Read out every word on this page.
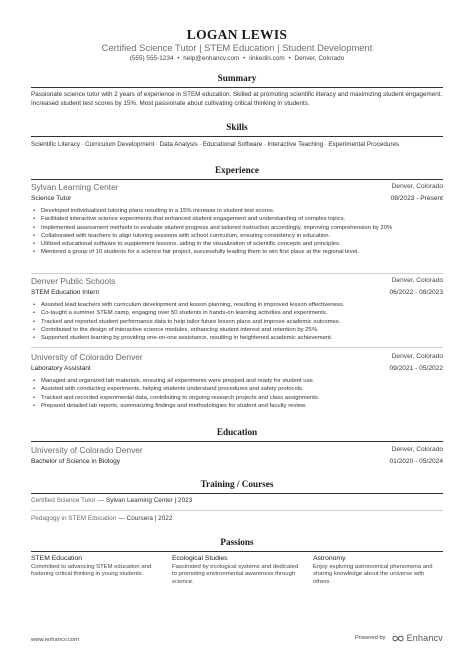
LOGAN LEWIS
Certified Science Tutor | STEM Education | Student Development
(555) 555-1234 • help@enhancv.com • linkedin.com • Denver, Colorado
Summary
Passionate science tutor with 2 years of experience in STEM education. Skilled at promoting scientific literacy and maximizing student engagement. Increased student test scores by 15%. Most passionate about cultivating critical thinking in students.
Skills
Scientific Literacy · Curriculum Development · Data Analysis · Educational Software · Interactive Teaching · Experimental Procedures
Experience
Sylvan Learning Center	Denver, Colorado
Science Tutor	08/2023 - Present
• Developed individualized tutoring plans resulting in a 15% increase in student test scores.
• Facilitated interactive science experiments that enhanced student engagement and understanding of complex topics.
• Implemented assessment methods to evaluate student progress and tailored instruction accordingly, improving comprehension by 20%
• Collaborated with teachers to align tutoring sessions with school curriculum, ensuring consistency in education.
• Utilized educational software to supplement lessons, aiding in the visualization of scientific concepts and principles.
• Mentored a group of 10 students for a science fair project, successfully leading them to win first place at the regional level.
Denver Public Schools	Denver, Colorado
STEM Education Intern	06/2022 - 08/2023
• Assisted lead teachers with curriculum development and lesson planning, resulting in improved lesson effectiveness.
• Co-taught a summer STEM camp, engaging over 50 students in hands-on learning activities and experiments.
• Tracked and reported student performance data to help tailor future lesson plans and improve academic outcomes.
• Contributed to the design of interactive science modules, enhancing student interest and retention by 25%.
• Supported student learning by providing one-on-one assistance, resulting in heightened academic achievement.
University of Colorado Denver	Denver, Colorado
Laboratory Assistant	09/2021 - 05/2022
• Managed and organized lab materials, ensuring all experiments were prepped and ready for student use.
• Assisted with conducting experiments, helping students understand procedures and safety protocols.
• Tracked and recorded experimental data, contributing to ongoing research projects and class assignments.
• Prepared detailed lab reports, summarizing findings and methodologies for student and faculty review.
Education
University of Colorado Denver	Denver, Colorado
Bachelor of Science in Biology	01/2020 - 05/2024
Training / Courses
Certified Science Tutor — Sylvan Learning Center | 2023
Pedagogy in STEM Education — Coursera | 2022
Passions
STEM Education
Committed to advancing STEM education and fostering critical thinking in young students.
Ecological Studies
Fascinated by ecological systems and dedicated to promoting environmental awareness through science.
Astronomy
Enjoy exploring astronomical phenomena and sharing knowledge about the universe with others.
www.enhancv.com	Powered by Enhancv
